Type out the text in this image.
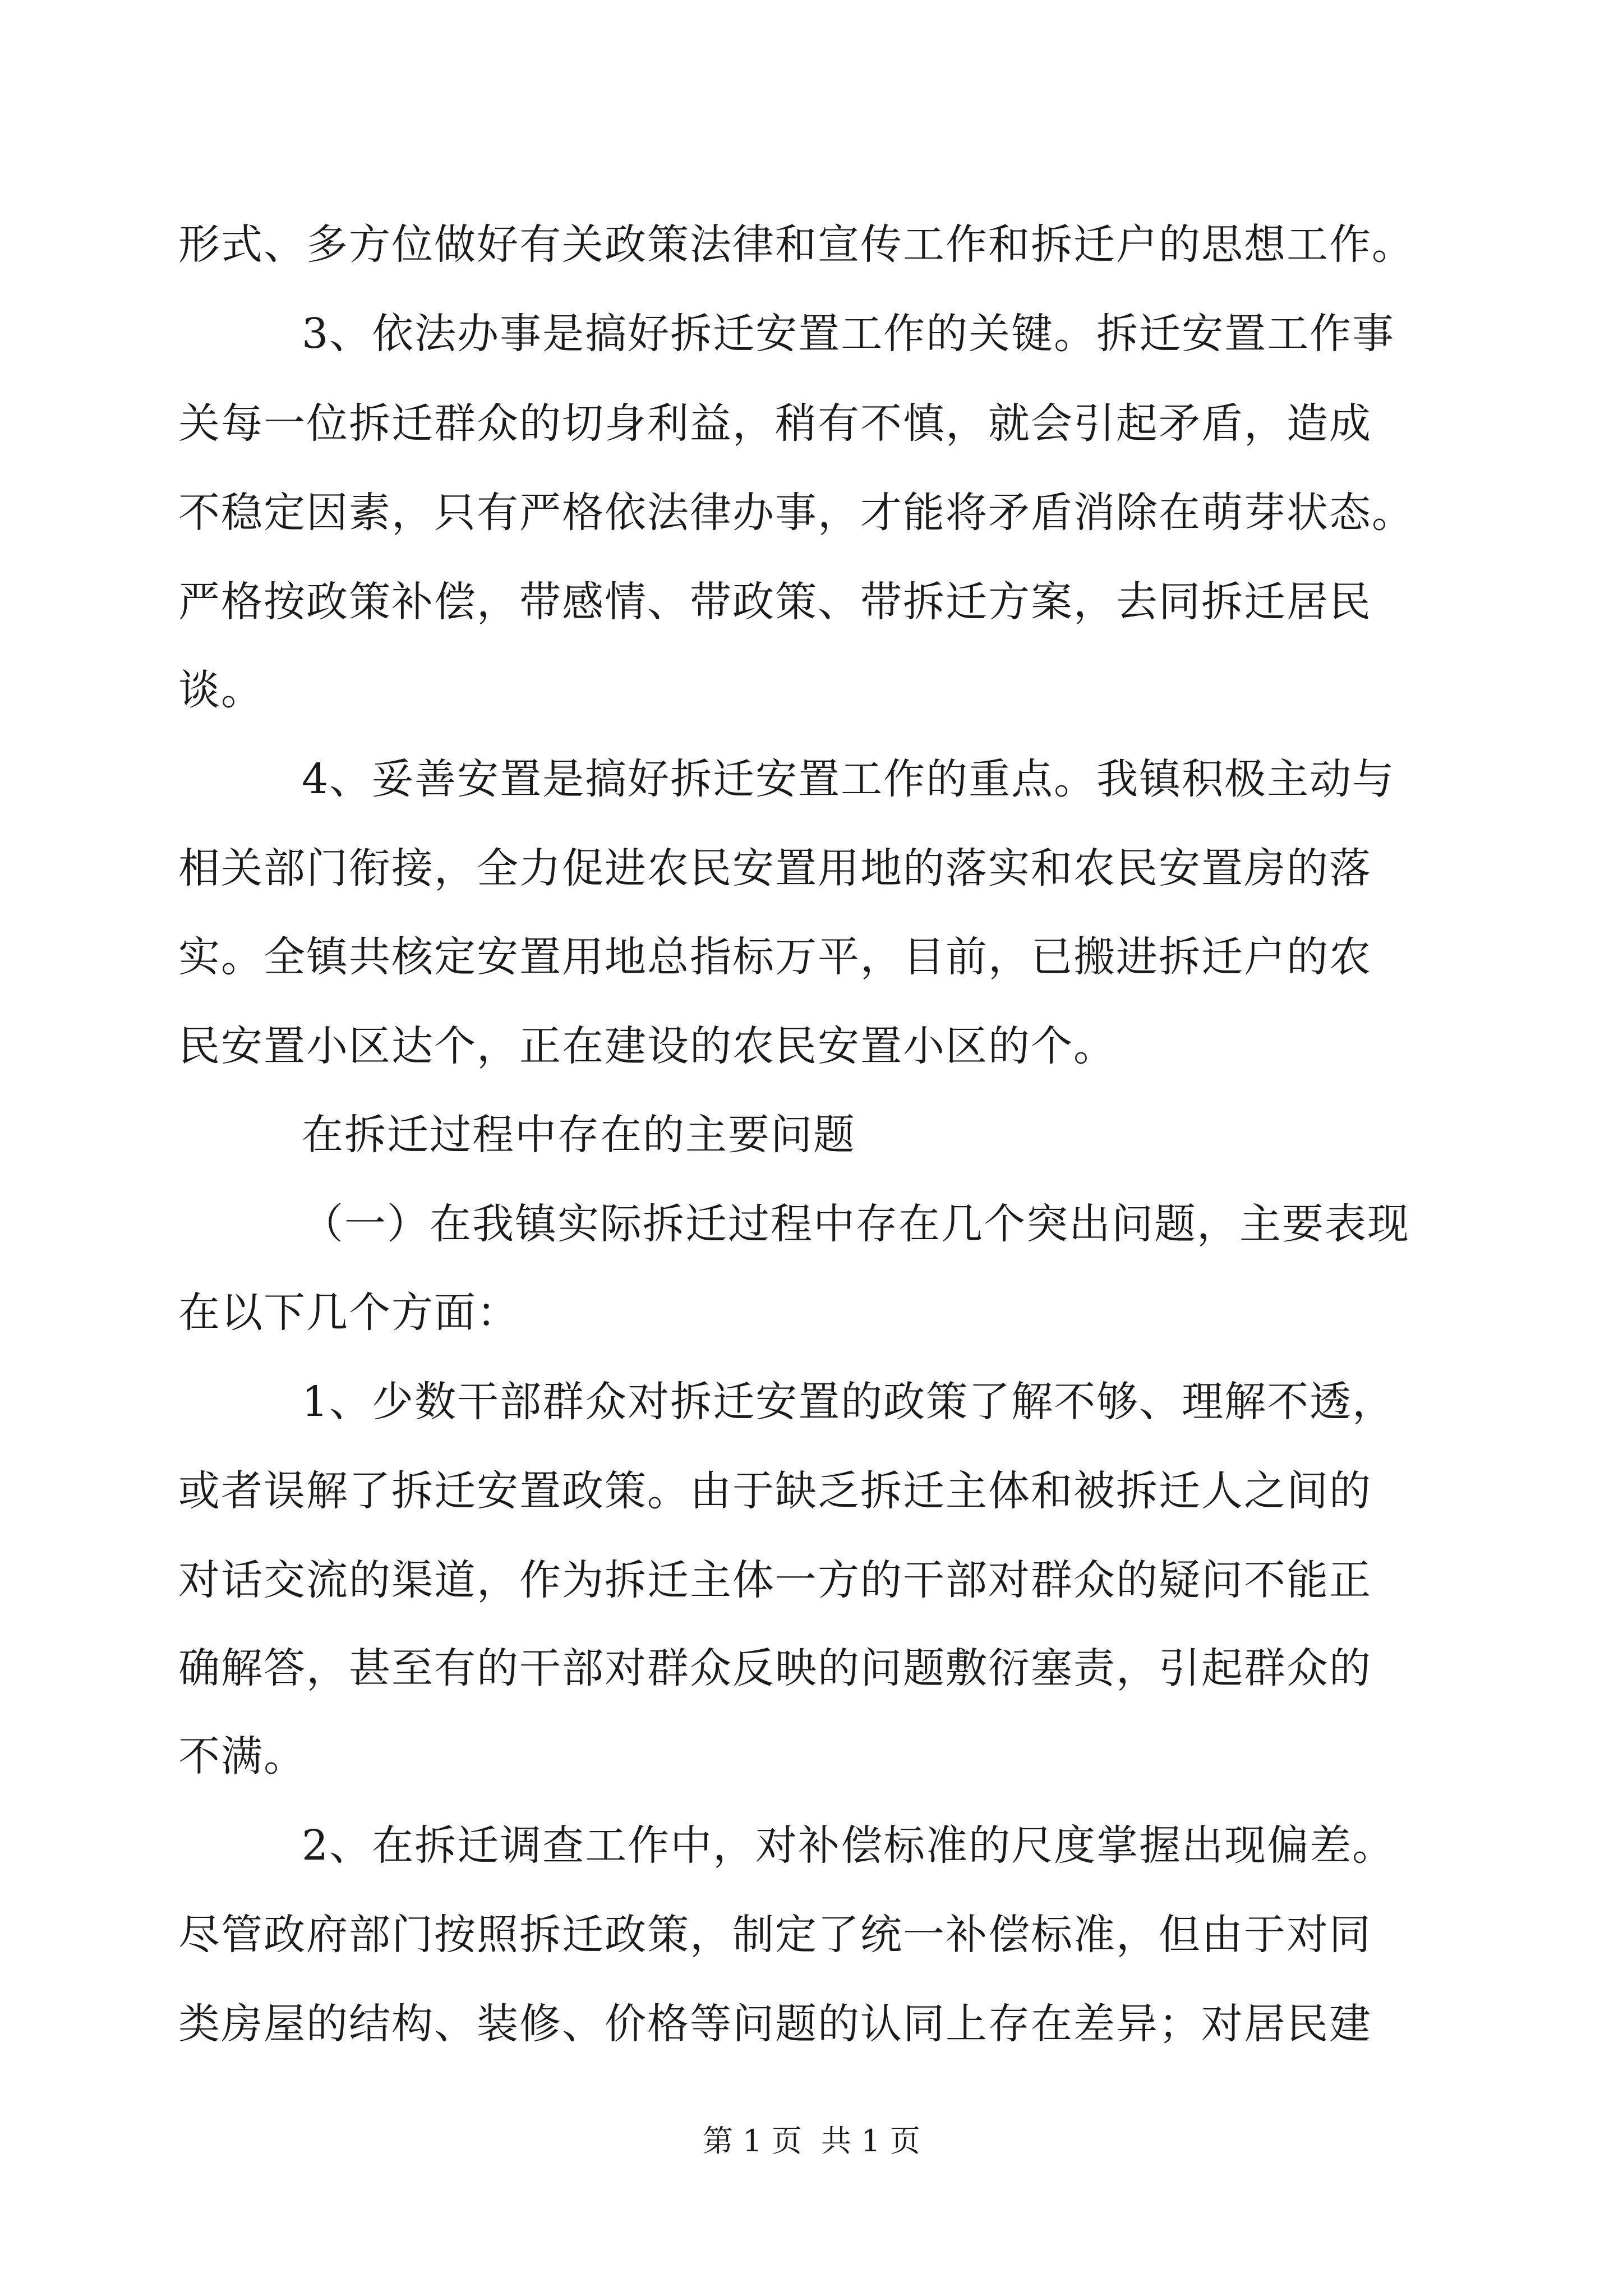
形式、多方位做好有关政策法律和宣传工作和拆迁户的思想工作。
3、依法办事是搞好拆迁安置工作的关键。拆迁安置工作事
关每一位拆迁群众的切身利益，稍有不慎，就会引起矛盾，造成
不稳定因素，只有严格依法律办事，才能将矛盾消除在萌芽状态。
严格按政策补偿，带感情、带政策、带拆迁方案，去同拆迁居民
谈。
4、妥善安置是搞好拆迁安置工作的重点。我镇积极主动与
相关部门衔接，全力促进农民安置用地的落实和农民安置房的落
实。全镇共核定安置用地总指标万平，目前，已搬进拆迁户的农
民安置小区达个，正在建设的农民安置小区的个。
在拆迁过程中存在的主要问题
（一）在我镇实际拆迁过程中存在几个突出问题，主要表现
在以下几个方面：
1、少数干部群众对拆迁安置的政策了解不够、理解不透，
或者误解了拆迁安置政策。由于缺乏拆迁主体和被拆迁人之间的
对话交流的渠道，作为拆迁主体一方的干部对群众的疑问不能正
确解答，甚至有的干部对群众反映的问题敷衍塞责，引起群众的
不满。
2、在拆迁调查工作中，对补偿标准的尺度掌握出现偏差。
尽管政府部门按照拆迁政策，制定了统一补偿标准，但由于对同
类房屋的结构、装修、价格等问题的认同上存在差异；对居民建
第 1 页  共 1 页
